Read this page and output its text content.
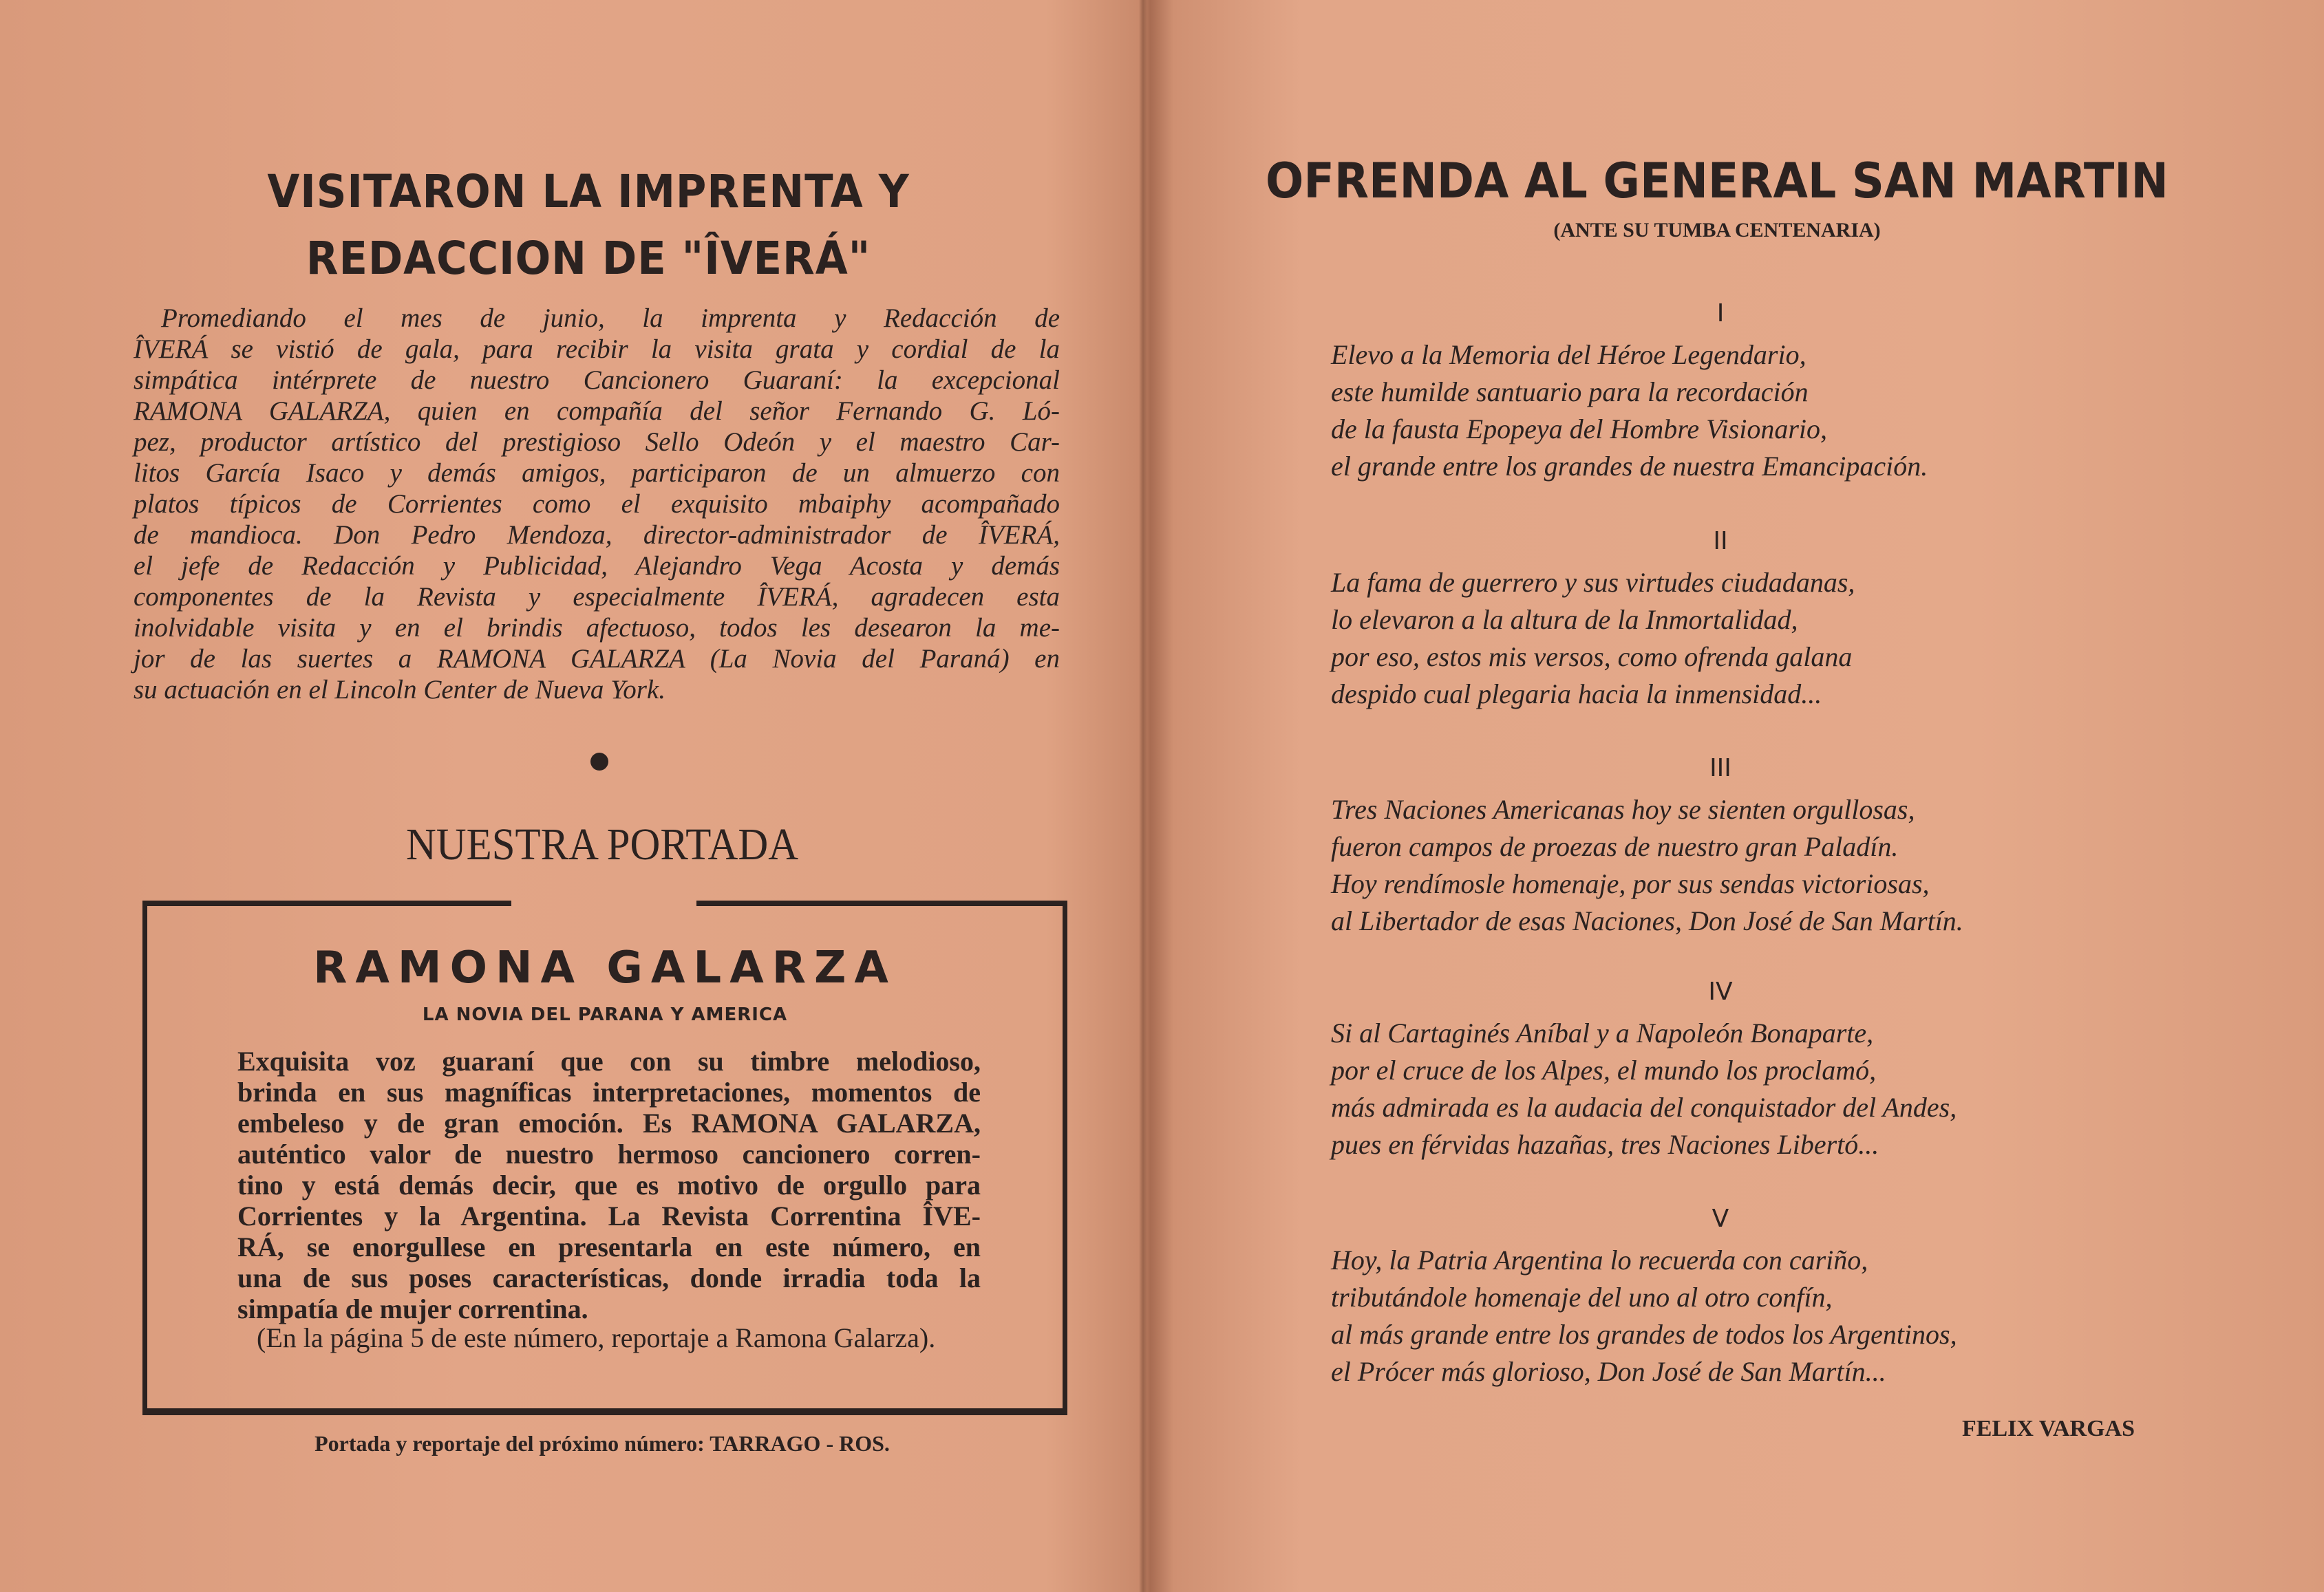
VISITARON LA IMPRENTA Y
REDACCION DE "ÎVERÁ"
Promediando el mes de junio, la imprenta y Redacción de
ÎVERÁ se vistió de gala, para recibir la visita grata y cordial de la
simpática intérprete de nuestro Cancionero Guaraní: la excepcional
RAMONA GALARZA, quien en compañía del señor Fernando G. Ló-
pez, productor artístico del prestigioso Sello Odeón y el maestro Car-
litos García Isaco y demás amigos, participaron de un almuerzo con
platos típicos de Corrientes como el exquisito mbaiphy acompañado
de mandioca. Don Pedro Mendoza, director-administrador de ÎVERÁ,
el jefe de Redacción y Publicidad, Alejandro Vega Acosta y demás
componentes de la Revista y especialmente ÎVERÁ, agradecen esta
inolvidable visita y en el brindis afectuoso, todos les desearon la me-
jor de las suertes a RAMONA GALARZA (La Novia del Paraná) en
su actuación en el Lincoln Center de Nueva York.
NUESTRA PORTADA
RAMONA GALARZA
LA NOVIA DEL PARANA Y AMERICA
Exquisita voz guaraní que con su timbre melodioso,
brinda en sus magníficas interpretaciones, momentos de
embeleso y de gran emoción. Es RAMONA GALARZA,
auténtico valor de nuestro hermoso cancionero corren-
tino y está demás decir, que es motivo de orgullo para
Corrientes y la Argentina. La Revista Correntina ÎVE-
RÁ, se enorgullese en presentarla en este número, en
una de sus poses características, donde irradia toda la
simpatía de mujer correntina.
(En la página 5 de este número, reportaje a Ramona Galarza).
Portada y reportaje del próximo número: TARRAGO - ROS.
OFRENDA AL GENERAL SAN MARTIN
(ANTE SU TUMBA CENTENARIA)
I
Elevo a la Memoria del Héroe Legendario,
este humilde santuario para la recordación
de la fausta Epopeya del Hombre Visionario,
el grande entre los grandes de nuestra Emancipación.
II
La fama de guerrero y sus virtudes ciudadanas,
lo elevaron a la altura de la Inmortalidad,
por eso, estos mis versos, como ofrenda galana
despido cual plegaria hacia la inmensidad...
III
Tres Naciones Americanas hoy se sienten orgullosas,
fueron campos de proezas de nuestro gran Paladín.
Hoy rendímosle homenaje, por sus sendas victoriosas,
al Libertador de esas Naciones, Don José de San Martín.
IV
Si al Cartaginés Aníbal y a Napoleón Bonaparte,
por el cruce de los Alpes, el mundo los proclamó,
más admirada es la audacia del conquistador del Andes,
pues en férvidas hazañas, tres Naciones Libertó...
V
Hoy, la Patria Argentina lo recuerda con cariño,
tributándole homenaje del uno al otro confín,
al más grande entre los grandes de todos los Argentinos,
el Prócer más glorioso, Don José de San Martín...
FELIX VARGAS
